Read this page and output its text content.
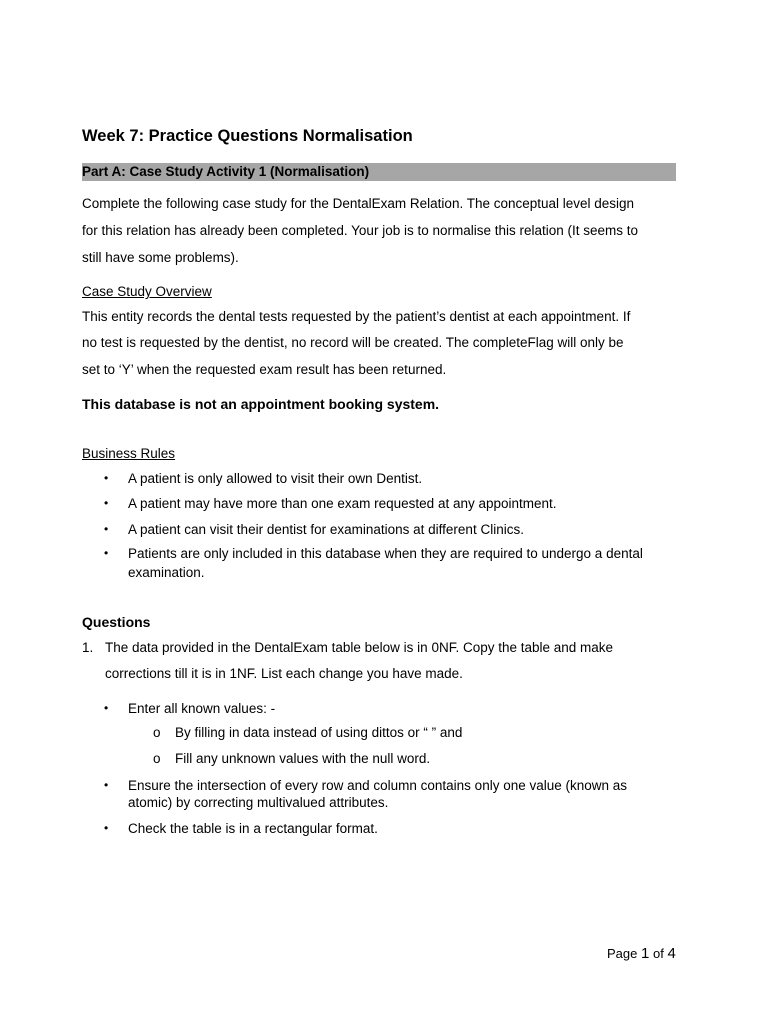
Week 7: Practice Questions Normalisation
Part A: Case Study Activity 1 (Normalisation)
Complete the following case study for the DentalExam Relation. The conceptual level design
for this relation has already been completed. Your job is to normalise this relation (It seems to
still have some problems).
Case Study Overview
This entity records the dental tests requested by the patient’s dentist at each appointment. If
no test is requested by the dentist, no record will be created. The completeFlag will only be
set to ‘Y’ when the requested exam result has been returned.
This database is not an appointment booking system.
Business Rules
• A patient is only allowed to visit their own Dentist.
• A patient may have more than one exam requested at any appointment.
• A patient can visit their dentist for examinations at different Clinics.
• Patients are only included in this database when they are required to undergo a dental
examination.
Questions
1. The data provided in the DentalExam table below is in 0NF. Copy the table and make
corrections till it is in 1NF. List each change you have made.
• Enter all known values: -
o By filling in data instead of using dittos or “ ” and
o Fill any unknown values with the null word.
• Ensure the intersection of every row and column contains only one value (known as
atomic) by correcting multivalued attributes.
• Check the table is in a rectangular format.
Page 1 of 4
